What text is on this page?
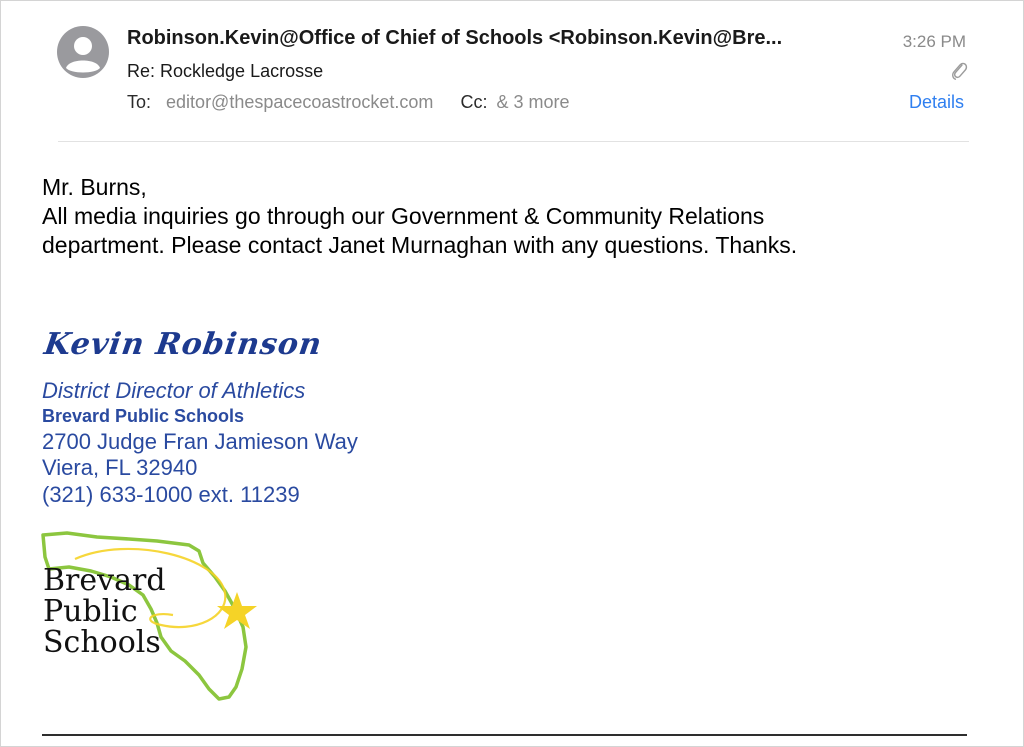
Robinson.Kevin@Office of Chief of Schools <Robinson.Kevin@Bre...
Re: Rockledge Lacrosse
To: editor@thespacecoastrocket.com Cc: & 3 more
3:26 PM
Details

Mr. Burns,

All media inquiries go through our Government & Community Relations

department. Please contact Janet Murnaghan with any questions. Thanks.

Kevin Robinson
District Director of Athletics
Brevard Public Schools
2700 Judge Fran Jamieson Way
Viera, FL 32940
(321) 633-1000 ext. 11239
Brevard
Public
Schools
